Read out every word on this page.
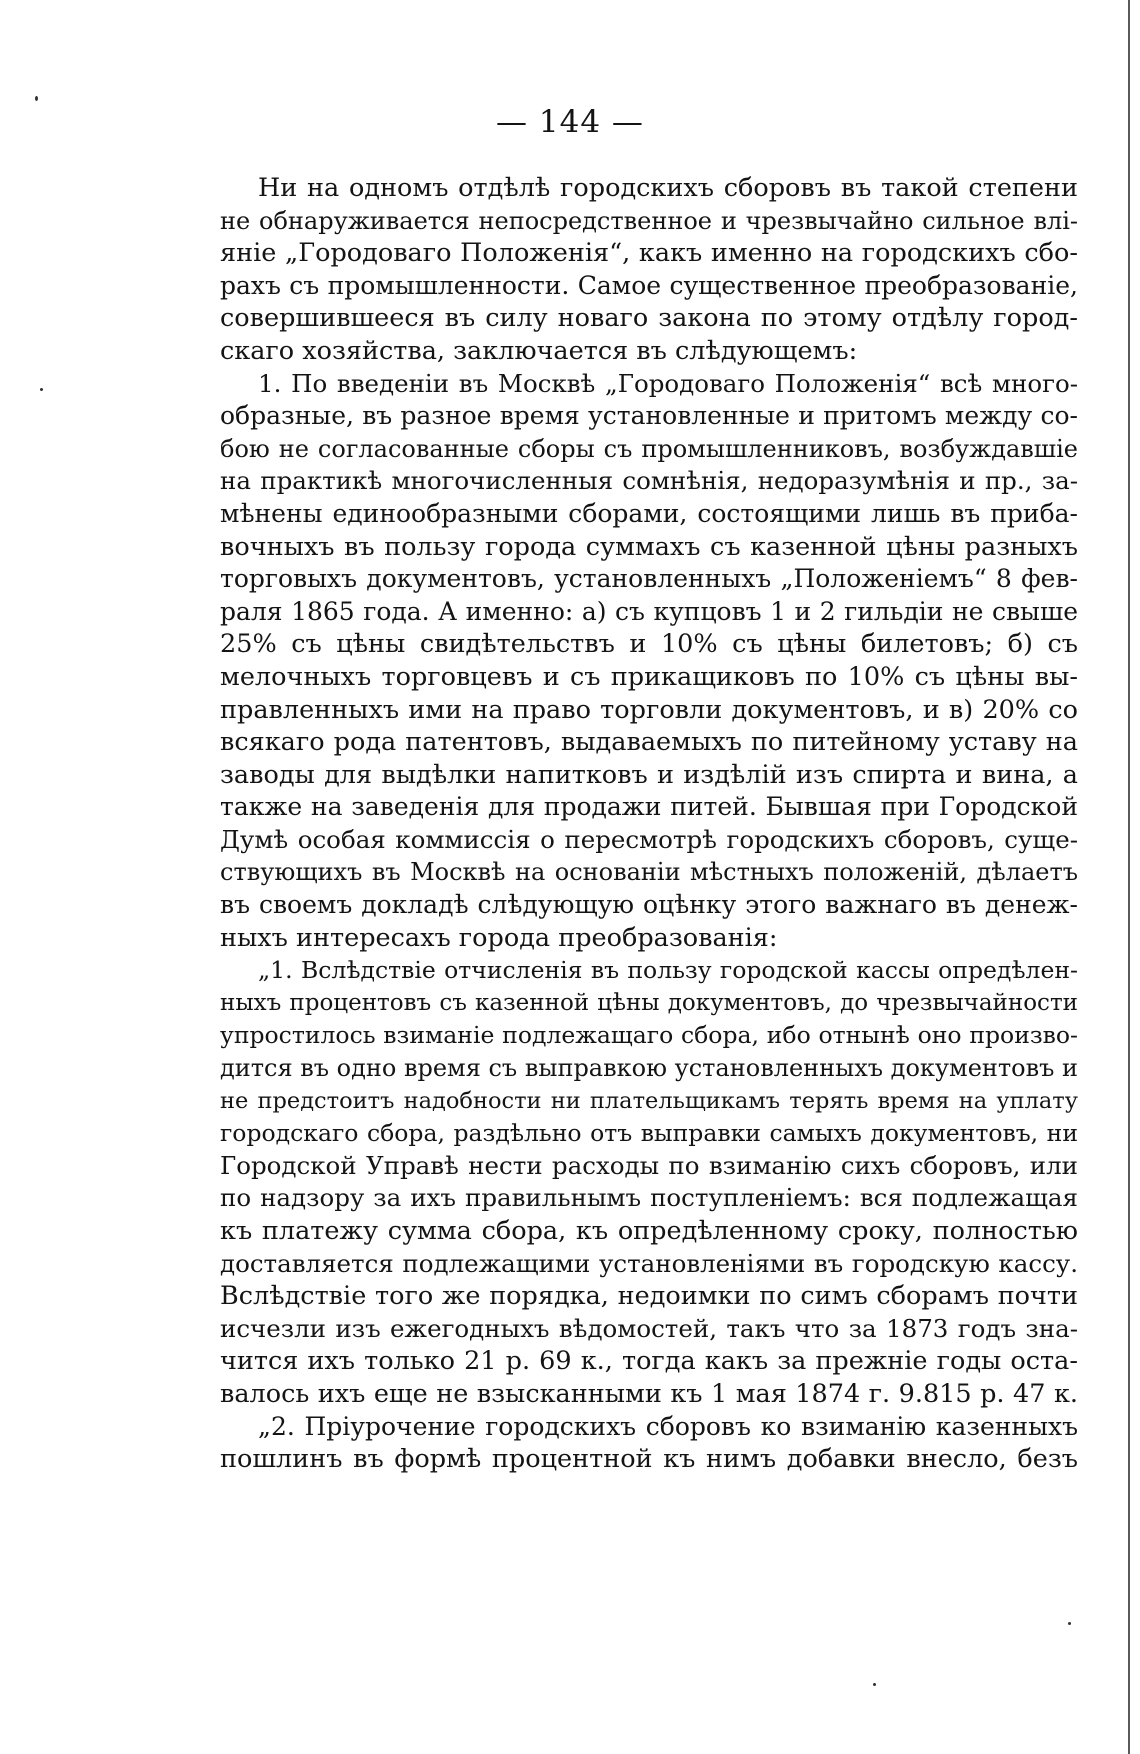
— 144 —
Ни на одномъ отдѣлѣ городскихъ сборовъ въ такой степени
не обнаруживается непосредственное и чрезвычайно сильное влі-
яніе „Городоваго Положенія“, какъ именно на городскихъ сбо-
рахъ съ промышленности. Самое существенное преобразованіе,
совершившееся въ силу новаго закона по этому отдѣлу город-
скаго хозяйства, заключается въ слѣдующемъ:
1. По введеніи въ Москвѣ „Городоваго Положенія“ всѣ много-
образные, въ разное время установленные и притомъ между со-
бою не согласованные сборы съ промышленниковъ, возбуждавшіе
на практикѣ многочисленныя сомнѣнія, недоразумѣнія и пр., за-
мѣнены единообразными сборами, состоящими лишь въ приба-
вочныхъ въ пользу города суммахъ съ казенной цѣны разныхъ
торговыхъ документовъ, установленныхъ „Положеніемъ“ 8 фев-
раля 1865 года. А именно: а) съ купцовъ 1 и 2 гильдіи не свыше
25% съ цѣны свидѣтельствъ и 10% съ цѣны билетовъ; б) съ
мелочныхъ торговцевъ и съ прикащиковъ по 10% съ цѣны вы-
правленныхъ ими на право торговли документовъ, и в) 20% со
всякаго рода патентовъ, выдаваемыхъ по питейному уставу на
заводы для выдѣлки напитковъ и издѣлій изъ спирта и вина, а
также на заведенія для продажи питей. Бывшая при Городской
Думѣ особая коммиссія о пересмотрѣ городскихъ сборовъ, суще-
ствующихъ въ Москвѣ на основаніи мѣстныхъ положеній, дѣлаетъ
въ своемъ докладѣ слѣдующую оцѣнку этого важнаго въ денеж-
ныхъ интересахъ города преобразованія:
„1. Вслѣдствіе отчисленія въ пользу городской кассы опредѣлен-
ныхъ процентовъ съ казенной цѣны документовъ, до чрезвычайности
упростилось взиманіе подлежащаго сбора, ибо отнынѣ оно произво-
дится въ одно время съ выправкою установленныхъ документовъ и
не предстоитъ надобности ни плательщикамъ терять время на уплату
городскаго сбора, раздѣльно отъ выправки самыхъ документовъ, ни
Городской Управѣ нести расходы по взиманію сихъ сборовъ, или
по надзору за ихъ правильнымъ поступленіемъ: вся подлежащая
къ платежу сумма сбора, къ опредѣленному сроку, полностью
доставляется подлежащими установленіями въ городскую кассу.
Вслѣдствіе того же порядка, недоимки по симъ сборамъ почти
исчезли изъ ежегодныхъ вѣдомостей, такъ что за 1873 годъ зна-
чится ихъ только 21 р. 69 к., тогда какъ за прежніе годы оста-
валось ихъ еще не взысканными къ 1 мая 1874 г. 9.815 р. 47 к.
„2. Пріурочение городскихъ сборовъ ко взиманію казенныхъ
пошлинъ въ формѣ процентной къ нимъ добавки внесло, безъ
